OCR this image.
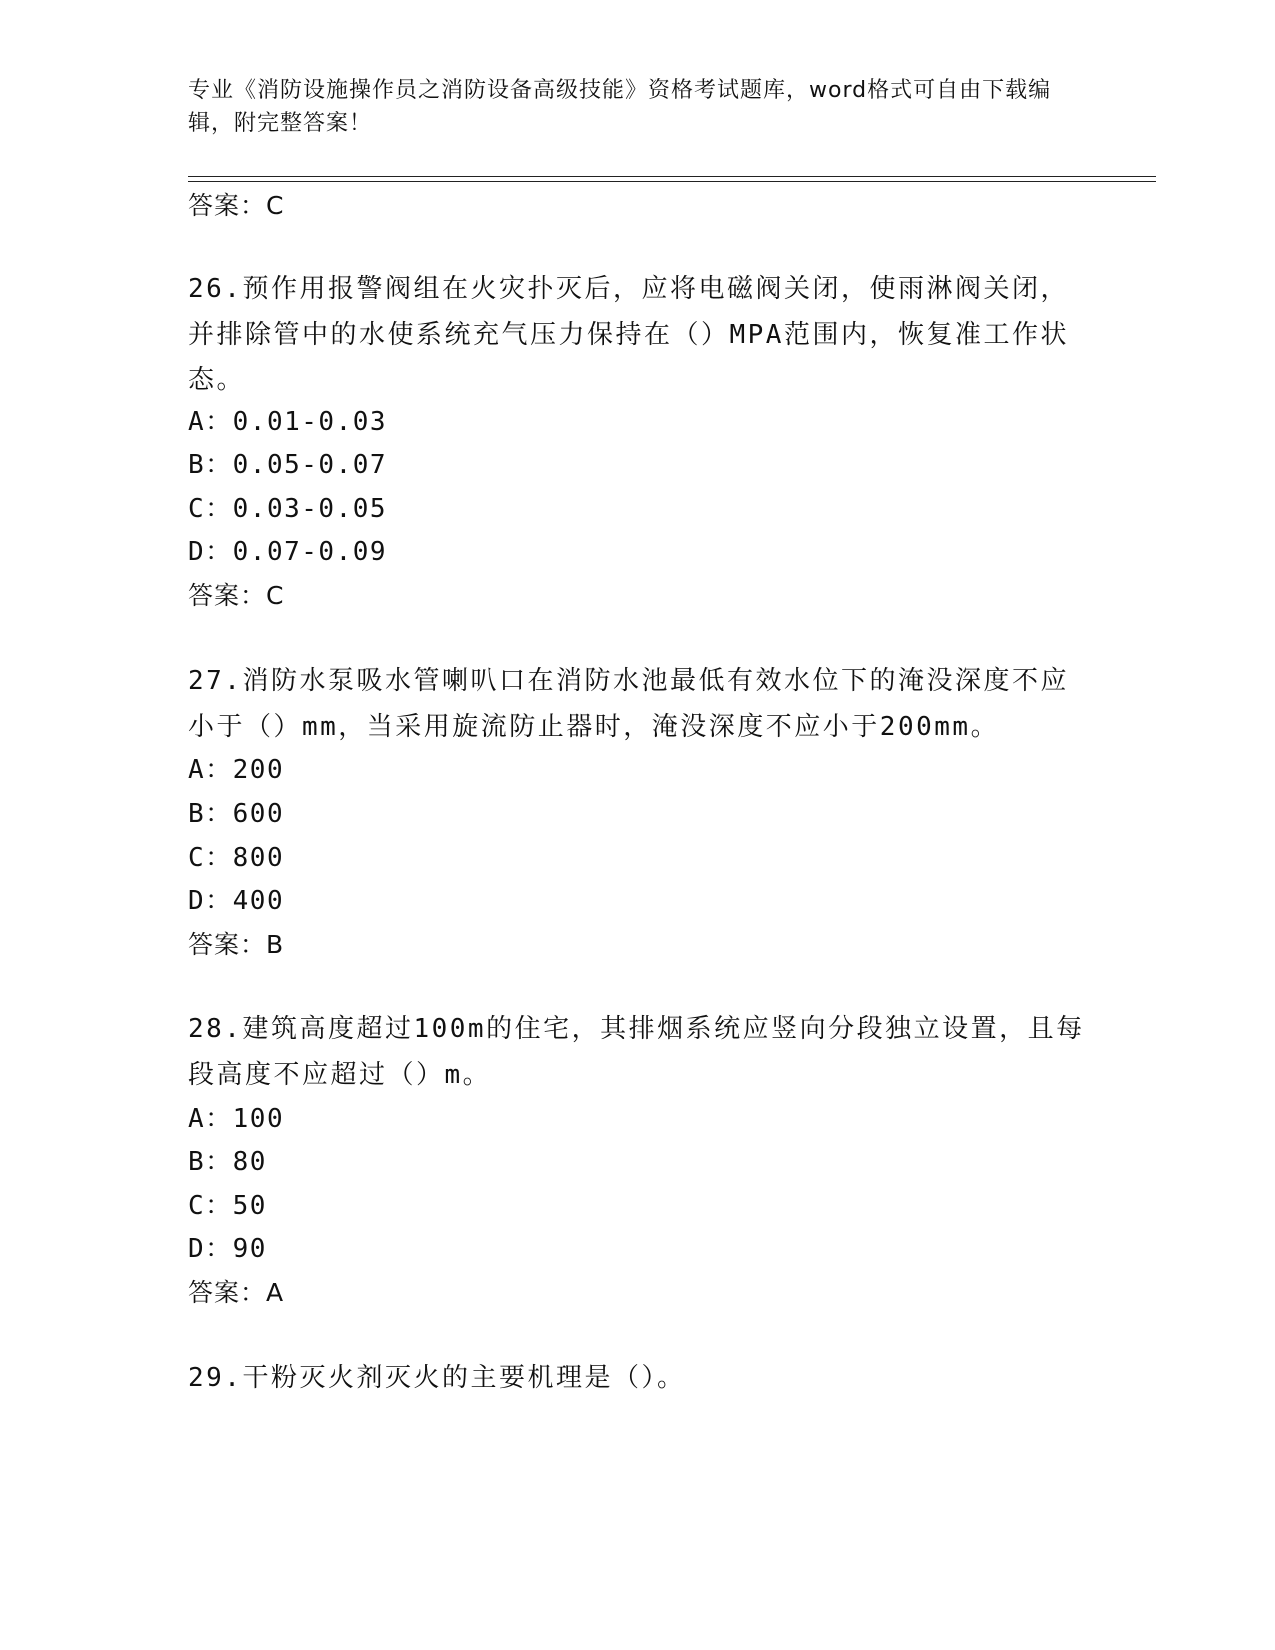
专业《消防设施操作员之消防设备高级技能》资格考试题库，word格式可自由下载编辑，附完整答案！
答案：C
26.预作用报警阀组在火灾扑灭后，应将电磁阀关闭，使雨淋阀关闭，并排除管中的水使系统充气压力保持在（）MPA范围内，恢复准工作状态。
A：0.01-0.03
B：0.05-0.07
C：0.03-0.05
D：0.07-0.09
答案：C
27.消防水泵吸水管喇叭口在消防水池最低有效水位下的淹没深度不应小于（）mm，当采用旋流防止器时，淹没深度不应小于200mm。
A：200
B：600
C：800
D：400
答案：B
28.建筑高度超过100m的住宅，其排烟系统应竖向分段独立设置，且每段高度不应超过（）m。
A：100
B：80
C：50
D：90
答案：A
29.干粉灭火剂灭火的主要机理是（）。
